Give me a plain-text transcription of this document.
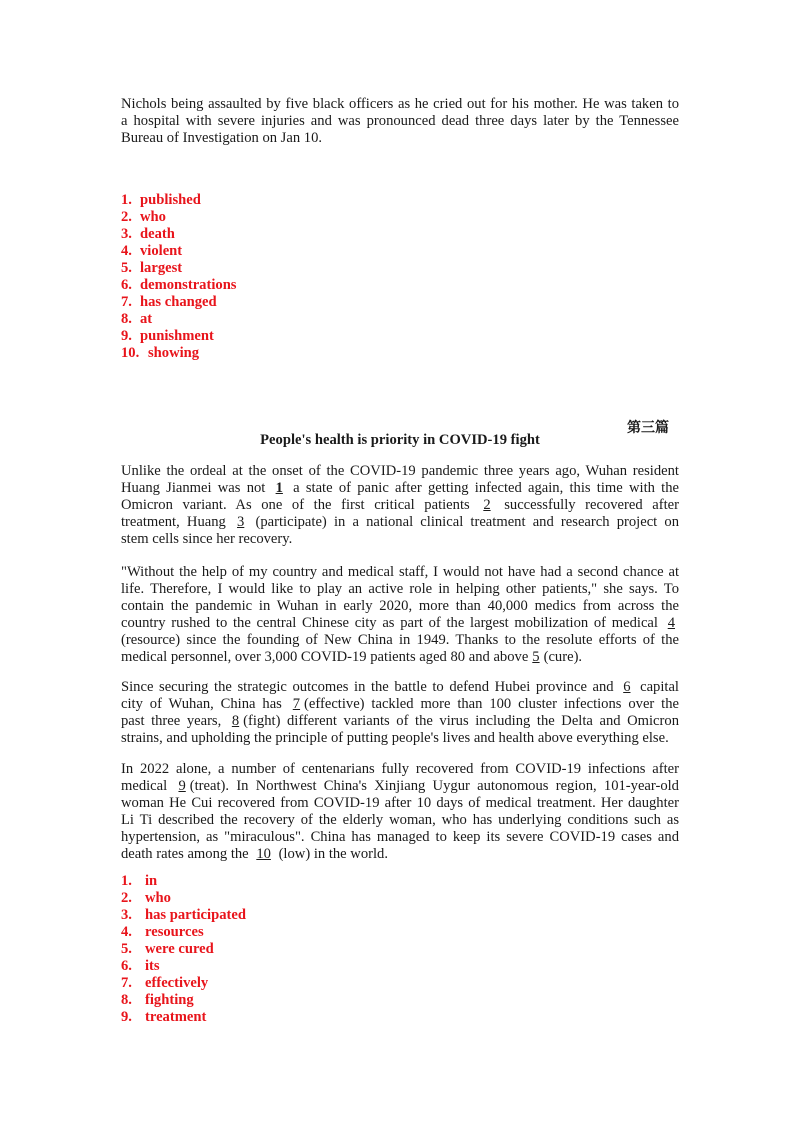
Nichols being assaulted by five black officers as he cried out for his mother. He was taken to
a hospital with severe injuries and was pronounced dead three days later by the Tennessee
Bureau of Investigation on Jan 10.

1. published
2. who
3. death
4. violent
5. largest
6. demonstrations
7. has changed
8. at
9. punishment
10. showing
第三篇
People's health is priority in COVID-19 fight

Unlike the ordeal at the onset of the COVID-19 pandemic three years ago, Wuhan resident
Huang Jianmei was not 1 a state of panic after getting infected again, this time with the
Omicron variant. As one of the first critical patients 2 successfully recovered after
treatment, Huang 3 (participate) in a national clinical treatment and research project on
stem cells since her recovery.

"Without the help of my country and medical staff, I would not have had a second chance at
life. Therefore, I would like to play an active role in helping other patients," she says. To
contain the pandemic in Wuhan in early 2020, more than 40,000 medics from across the
country rushed to the central Chinese city as part of the largest mobilization of medical 4
(resource) since the founding of New China in 1949. Thanks to the resolute efforts of the
medical personnel, over 3,000 COVID-19 patients aged 80 and above 5 (cure).

Since securing the strategic outcomes in the battle to defend Hubei province and 6 capital
city of Wuhan, China has 7 (effective) tackled more than 100 cluster infections over the
past three years, 8 (fight) different variants of the virus including the Delta and Omicron
strains, and upholding the principle of putting people's lives and health above everything else.

In 2022 alone, a number of centenarians fully recovered from COVID-19 infections after
medical 9 (treat). In Northwest China's Xinjiang Uygur autonomous region, 101-year-old
woman He Cui recovered from COVID-19 after 10 days of medical treatment. Her daughter
Li Ti described the recovery of the elderly woman, who has underlying conditions such as
hypertension, as "miraculous". China has managed to keep its severe COVID-19 cases and
death rates among the 10 (low) in the world.

1. in
2. who
3. has participated
4. resources
5. were cured
6. its
7. effectively
8. fighting
9. treatment
